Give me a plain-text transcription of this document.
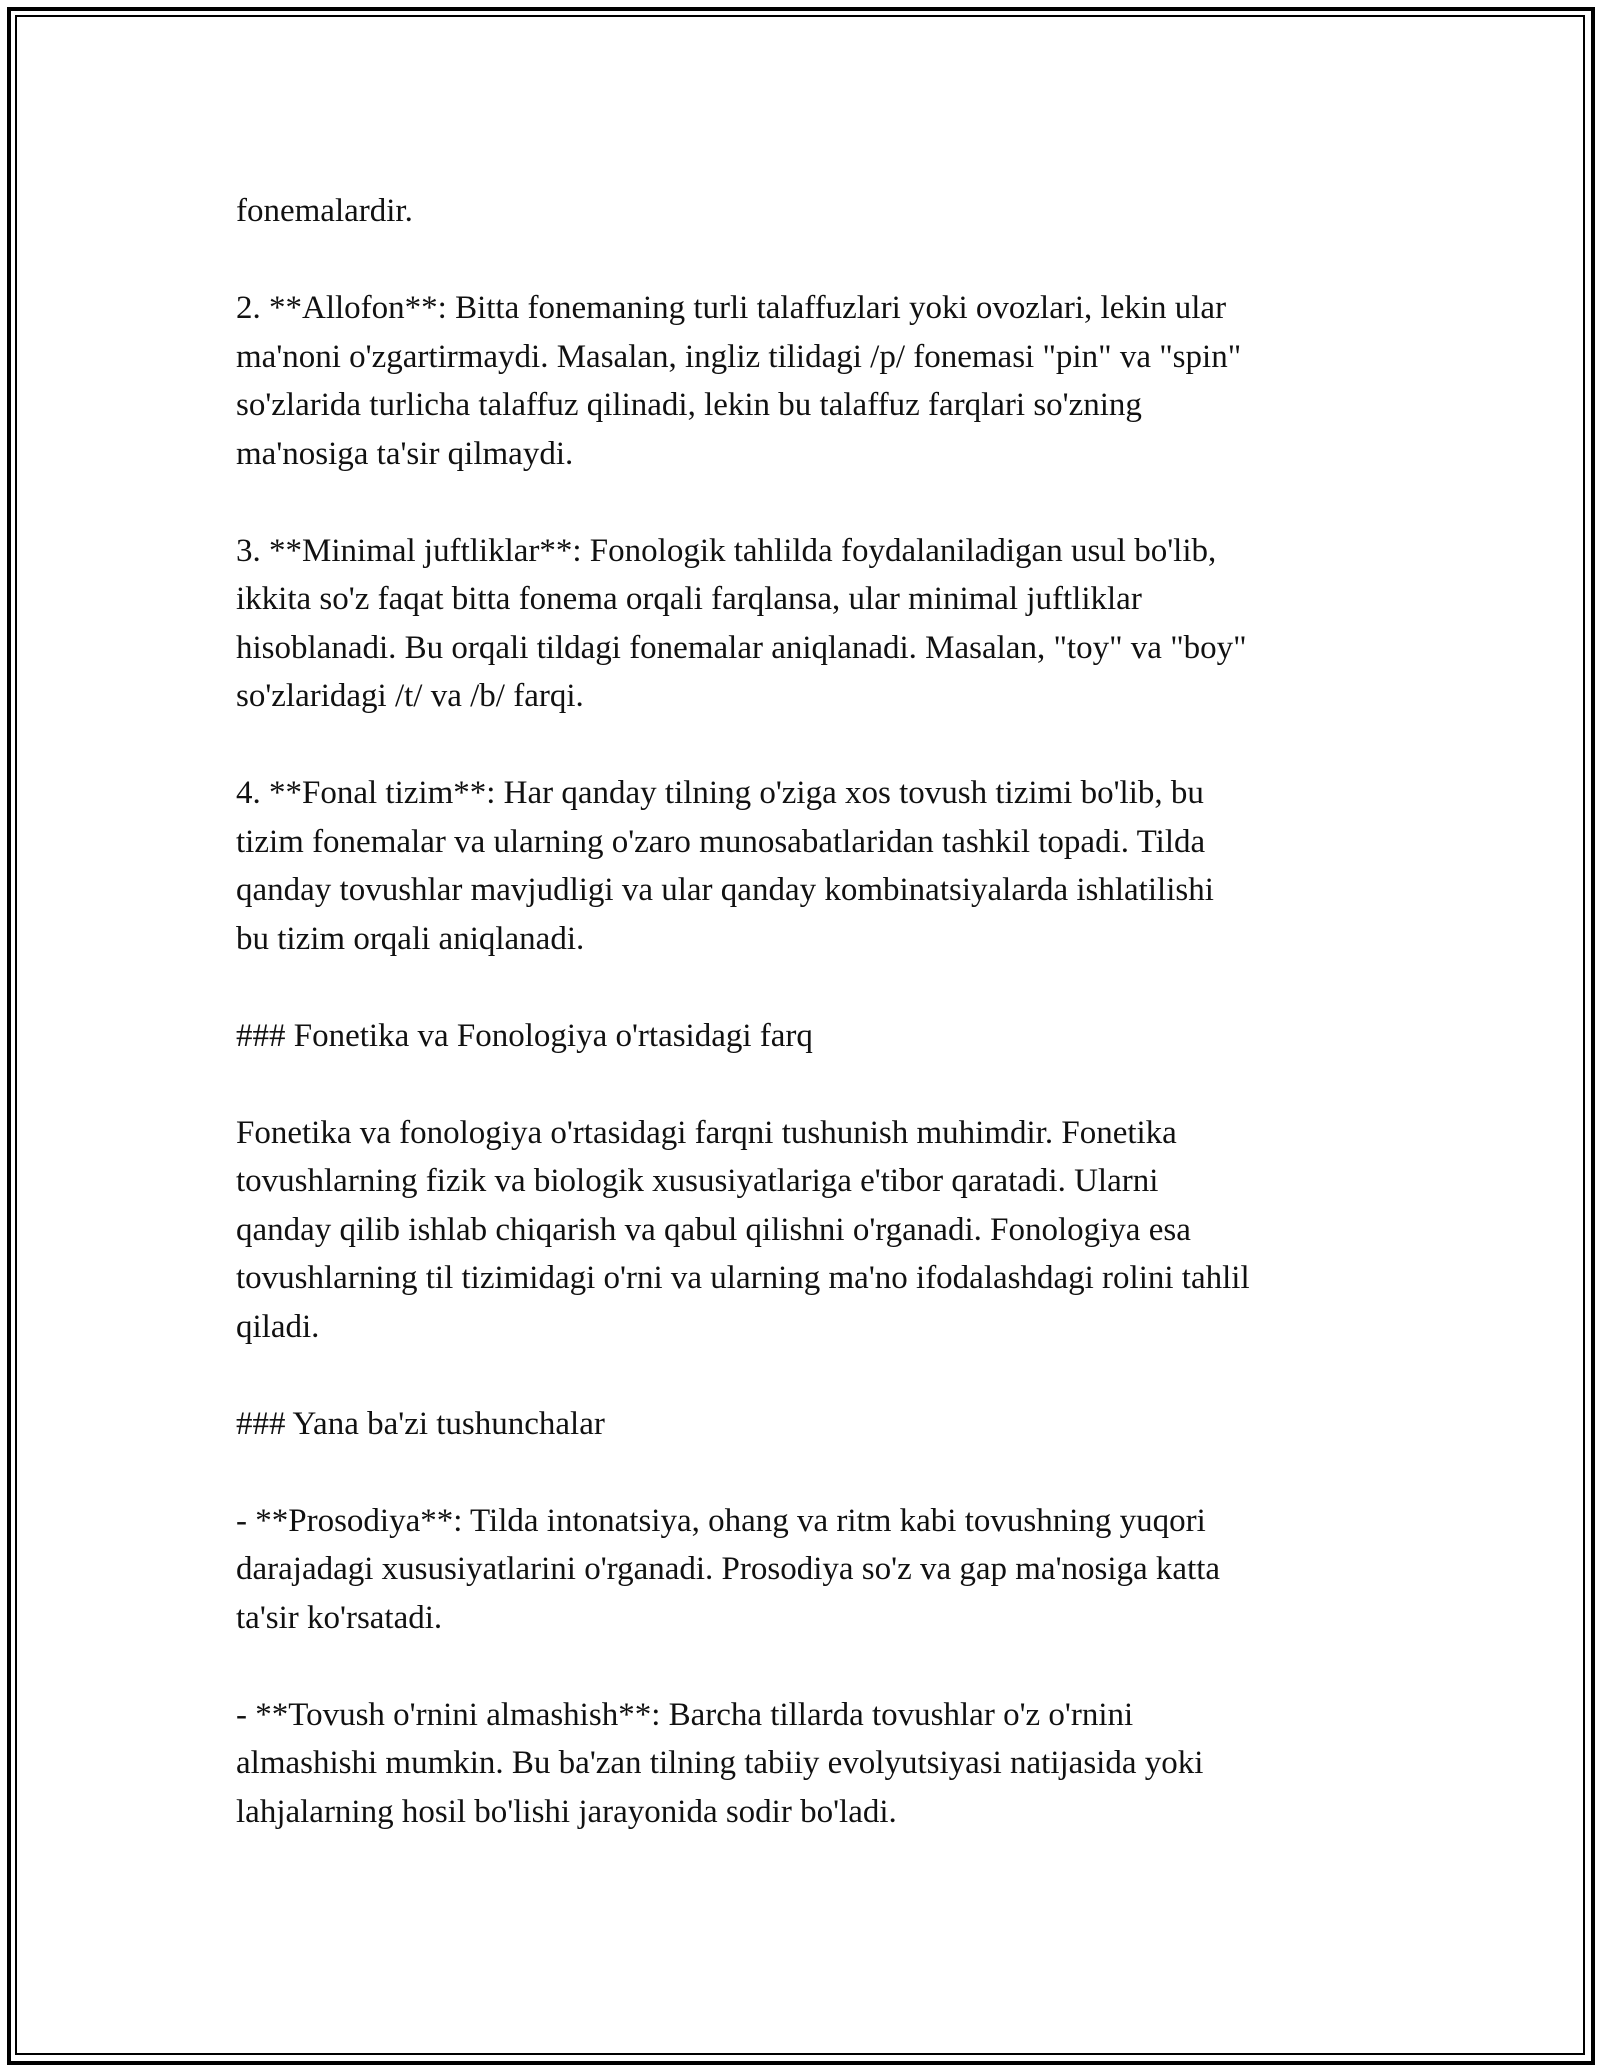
fonemalardir.

2. **Allofon**: Bitta fonemaning turli talaffuzlari yoki ovozlari, lekin ular
ma'noni o'zgartirmaydi. Masalan, ingliz tilidagi /p/ fonemasi "pin" va "spin"
so'zlarida turlicha talaffuz qilinadi, lekin bu talaffuz farqlari so'zning
ma'nosiga ta'sir qilmaydi.

3. **Minimal juftliklar**: Fonologik tahlilda foydalaniladigan usul bo'lib,
ikkita so'z faqat bitta fonema orqali farqlansa, ular minimal juftliklar
hisoblanadi. Bu orqali tildagi fonemalar aniqlanadi. Masalan, "toy" va "boy"
so'zlaridagi /t/ va /b/ farqi.

4. **Fonal tizim**: Har qanday tilning o'ziga xos tovush tizimi bo'lib, bu
tizim fonemalar va ularning o'zaro munosabatlaridan tashkil topadi. Tilda
qanday tovushlar mavjudligi va ular qanday kombinatsiyalarda ishlatilishi
bu tizim orqali aniqlanadi.

### Fonetika va Fonologiya o'rtasidagi farq

Fonetika va fonologiya o'rtasidagi farqni tushunish muhimdir. Fonetika
tovushlarning fizik va biologik xususiyatlariga e'tibor qaratadi. Ularni
qanday qilib ishlab chiqarish va qabul qilishni o'rganadi. Fonologiya esa
tovushlarning til tizimidagi o'rni va ularning ma'no ifodalashdagi rolini tahlil
qiladi.

### Yana ba'zi tushunchalar

- **Prosodiya**: Tilda intonatsiya, ohang va ritm kabi tovushning yuqori
darajadagi xususiyatlarini o'rganadi. Prosodiya so'z va gap ma'nosiga katta
ta'sir ko'rsatadi.

- **Tovush o'rnini almashish**: Barcha tillarda tovushlar o'z o'rnini
almashishi mumkin. Bu ba'zan tilning tabiiy evolyutsiyasi natijasida yoki
lahjalarning hosil bo'lishi jarayonida sodir bo'ladi.
